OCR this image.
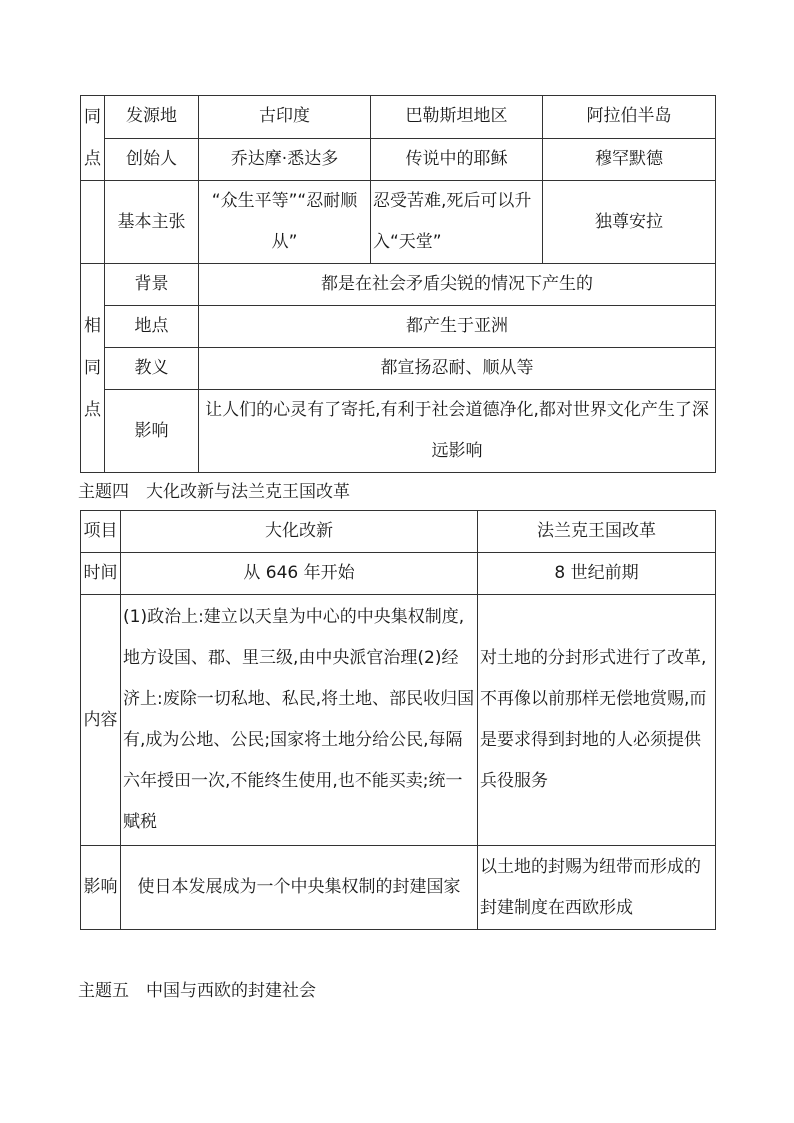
同
点	发源地	古印度	巴勒斯坦地区	阿拉伯半岛
	创始人	乔达摩·悉达多	传说中的耶稣	穆罕默德
	基本主张	“众生平等”“忍耐顺从”	忍受苦难,死后可以升入“天堂”	独尊安拉

相
同
点	背景	都是在社会矛盾尖锐的情况下产生的		
	地点	都产生于亚洲		
	教义	都宣扬忍耐、顺从等		
	影响	让人们的心灵有了寄托,有利于社会道德净化,都对世界文化产生了深远影响		
主题四　大化改新与法兰克王国改革
项目	大化改新	法兰克王国改革
时间	从 646 年开始	8 世纪前期
内容	(1)政治上:建立以天皇为中心的中央集权制度,地方设国、郡、里三级,由中央派官治理(2)经济上:废除一切私地、私民,将土地、部民收归国有,成为公地、公民;国家将土地分给公民,每隔六年授田一次,不能终生使用,也不能买卖;统一赋税	对土地的分封形式进行了改革,不再像以前那样无偿地赏赐,而是要求得到封地的人必须提供兵役服务
影响	使日本发展成为一个中央集权制的封建国家	以土地的封赐为纽带而形成的封建制度在西欧形成
主题五　中国与西欧的封建社会
